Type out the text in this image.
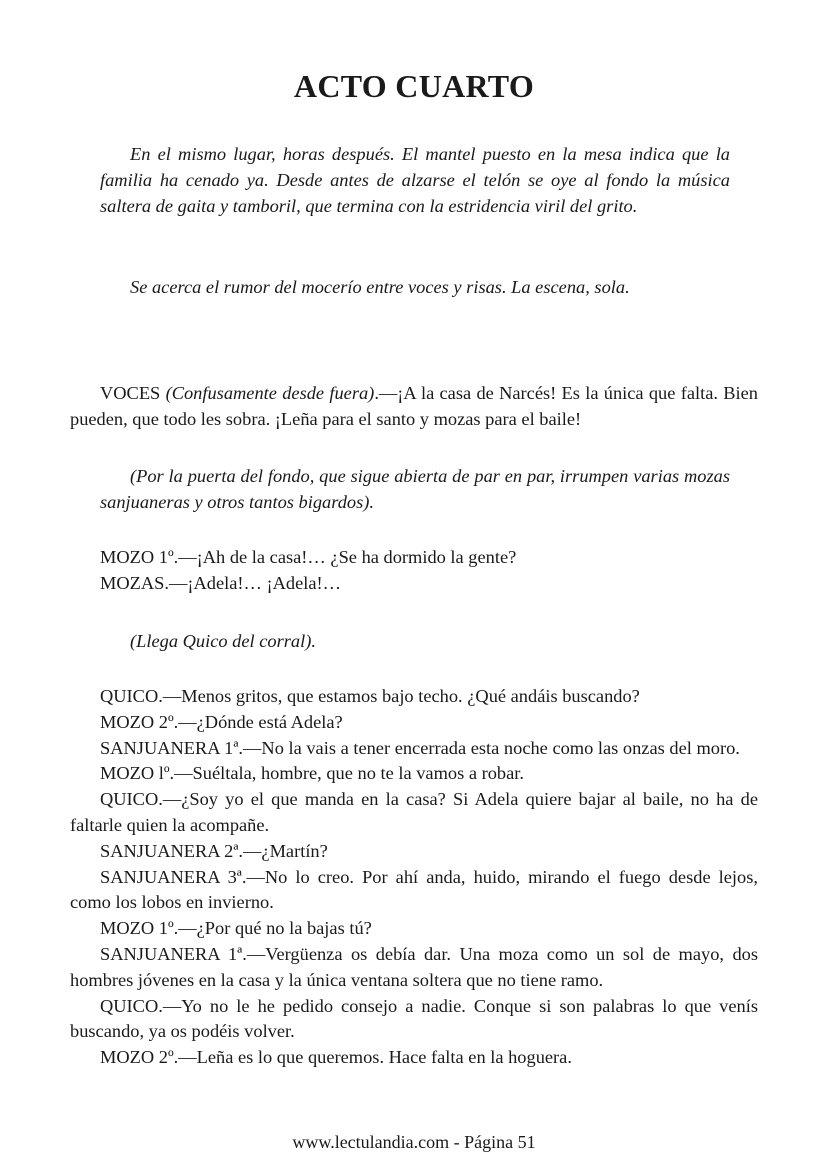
ACTO CUARTO

En el mismo lugar, horas después. El mantel puesto en la mesa indica que la familia ha cenado ya. Desde antes de alzarse el telón se oye al fondo la música saltera de gaita y tamboril, que termina con la estridencia viril del grito.

Se acerca el rumor del mocerío entre voces y risas. La escena, sola.

VOCES (Confusamente desde fuera).—¡A la casa de Narcés! Es la única que falta. Bien pueden, que todo les sobra. ¡Leña para el santo y mozas para el baile!

(Por la puerta del fondo, que sigue abierta de par en par, irrumpen varias mozas sanjuaneras y otros tantos bigardos).

MOZO 1º.—¡Ah de la casa!… ¿Se ha dormido la gente?

MOZAS.—¡Adela!… ¡Adela!…

(Llega Quico del corral).

QUICO.—Menos gritos, que estamos bajo techo. ¿Qué andáis buscando?

MOZO 2º.—¿Dónde está Adela?

SANJUANERA 1ª.—No la vais a tener encerrada esta noche como las onzas del moro.

MOZO lº.—Suéltala, hombre, que no te la vamos a robar.

QUICO.—¿Soy yo el que manda en la casa? Si Adela quiere bajar al baile, no ha de faltarle quien la acompañe.

SANJUANERA 2ª.—¿Martín?

SANJUANERA 3ª.—No lo creo. Por ahí anda, huido, mirando el fuego desde lejos, como los lobos en invierno.

MOZO 1º.—¿Por qué no la bajas tú?

SANJUANERA 1ª.—Vergüenza os debía dar. Una moza como un sol de mayo, dos hombres jóvenes en la casa y la única ventana soltera que no tiene ramo.

QUICO.—Yo no le he pedido consejo a nadie. Conque si son palabras lo que venís buscando, ya os podéis volver.

MOZO 2º.—Leña es lo que queremos. Hace falta en la hoguera.

www.lectulandia.com - Página 51
